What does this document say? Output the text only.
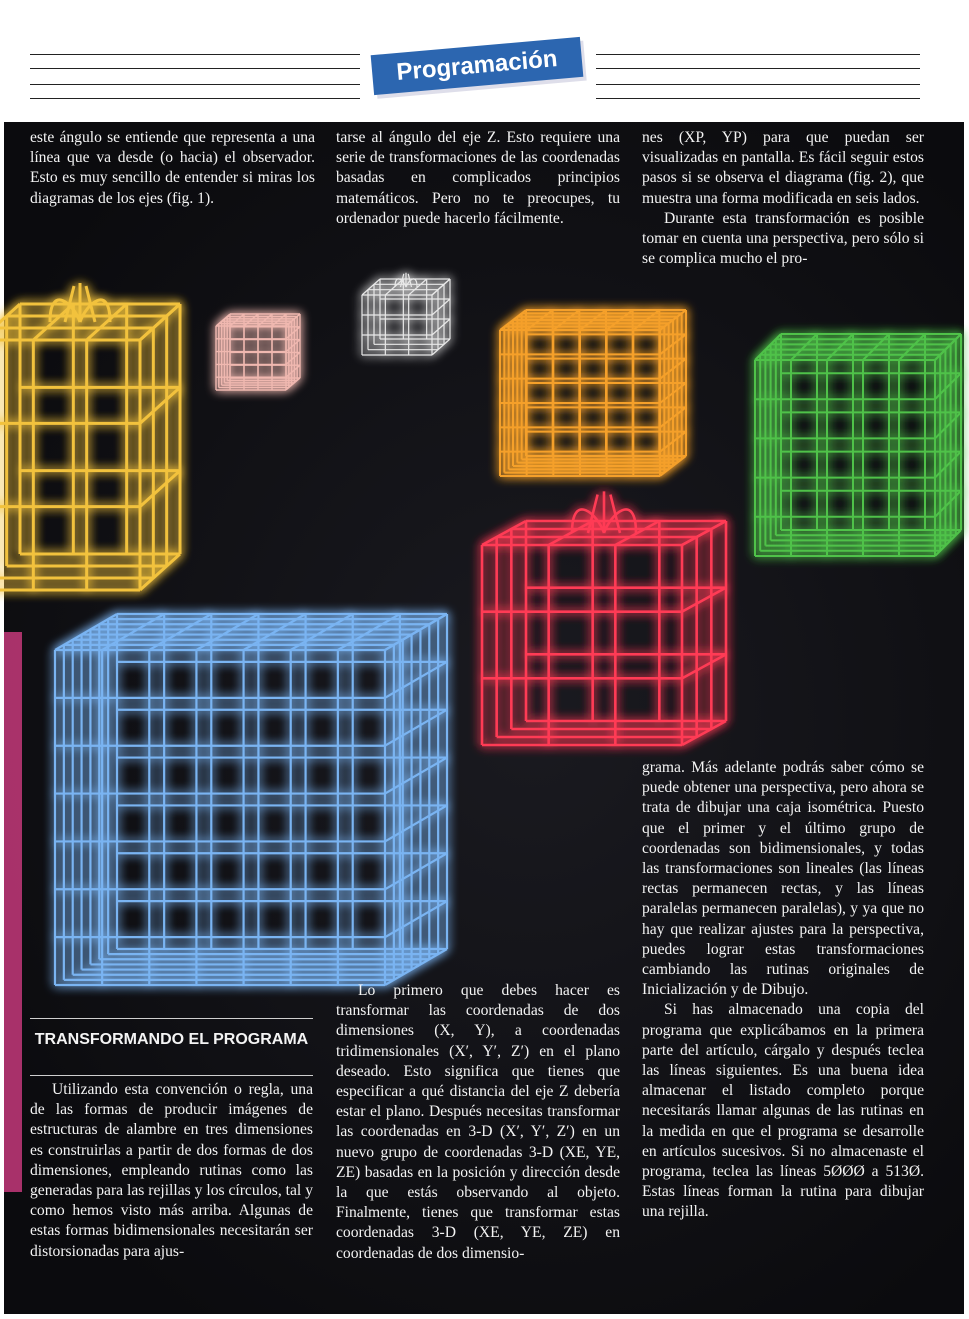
Programación

este ángulo se entiende que representa a una línea que va desde (o hacia) el observador. Esto es muy sencillo de entender si miras los diagramas de los ejes (fig. 1).

tarse al ángulo del eje Z. Esto requiere una serie de transformaciones de las coordenadas basadas en complicados principios matemáticos. Pero no te preocupes, tu ordenador puede hacerlo fácilmente.

nes (XP, YP) para que puedan ser visualizadas en pantalla. Es fácil seguir estos pasos si se observa el diagrama (fig. 2), que muestra una forma modificada en seis lados.

Durante esta transformación es posible tomar en cuenta una perspectiva, pero sólo si se complica mucho el pro-

grama. Más adelante podrás saber cómo se puede obtener una perspectiva, pero ahora se trata de dibujar una caja isométrica. Puesto que el primer y el último grupo de coordenadas son bidimensionales, y todas las transformaciones son lineales (las líneas rectas permanecen rectas, y las líneas paralelas permanecen paralelas), y ya que no hay que realizar ajustes para la perspectiva, puedes lograr estas transformaciones cambiando las rutinas originales de Inicialización y de Dibujo.

Si has almacenado una copia del programa que explicábamos en la primera parte del artículo, cárgalo y después teclea las líneas siguientes. Es una buena idea almacenar el listado completo porque necesitarás llamar algunas de las rutinas en la medida en que el programa se desarrolle en artículos sucesivos. Si no almacenaste el programa, teclea las líneas 5ØØØ a 513Ø. Estas líneas forman la rutina para dibujar una rejilla.

Lo primero que debes hacer es transformar las coordenadas de dos dimensiones (X, Y), a coordenadas tridimensionales (X′, Y′, Z′) en el plano deseado. Esto significa que tienes que especificar a qué distancia del eje Z debería estar el plano. Después necesitas transformar las coordenadas en 3-D (X′, Y′, Z′) en un nuevo grupo de coordenadas 3-D (XE, YE, ZE) basadas en la posición y dirección desde la que estás observando al objeto. Finalmente, tienes que transformar estas coordenadas 3-D (XE, YE, ZE) en coordenadas de dos dimensio-

TRANSFORMANDO EL PROGRAMA

Utilizando esta convención o regla, una de las formas de producir imágenes de estructuras de alambre en tres dimensiones es construirlas a partir de dos formas de dos dimensiones, empleando rutinas como las generadas para las rejillas y los círculos, tal y como hemos visto más arriba. Algunas de estas formas bidimensionales necesitarán ser distorsionadas para ajus-
